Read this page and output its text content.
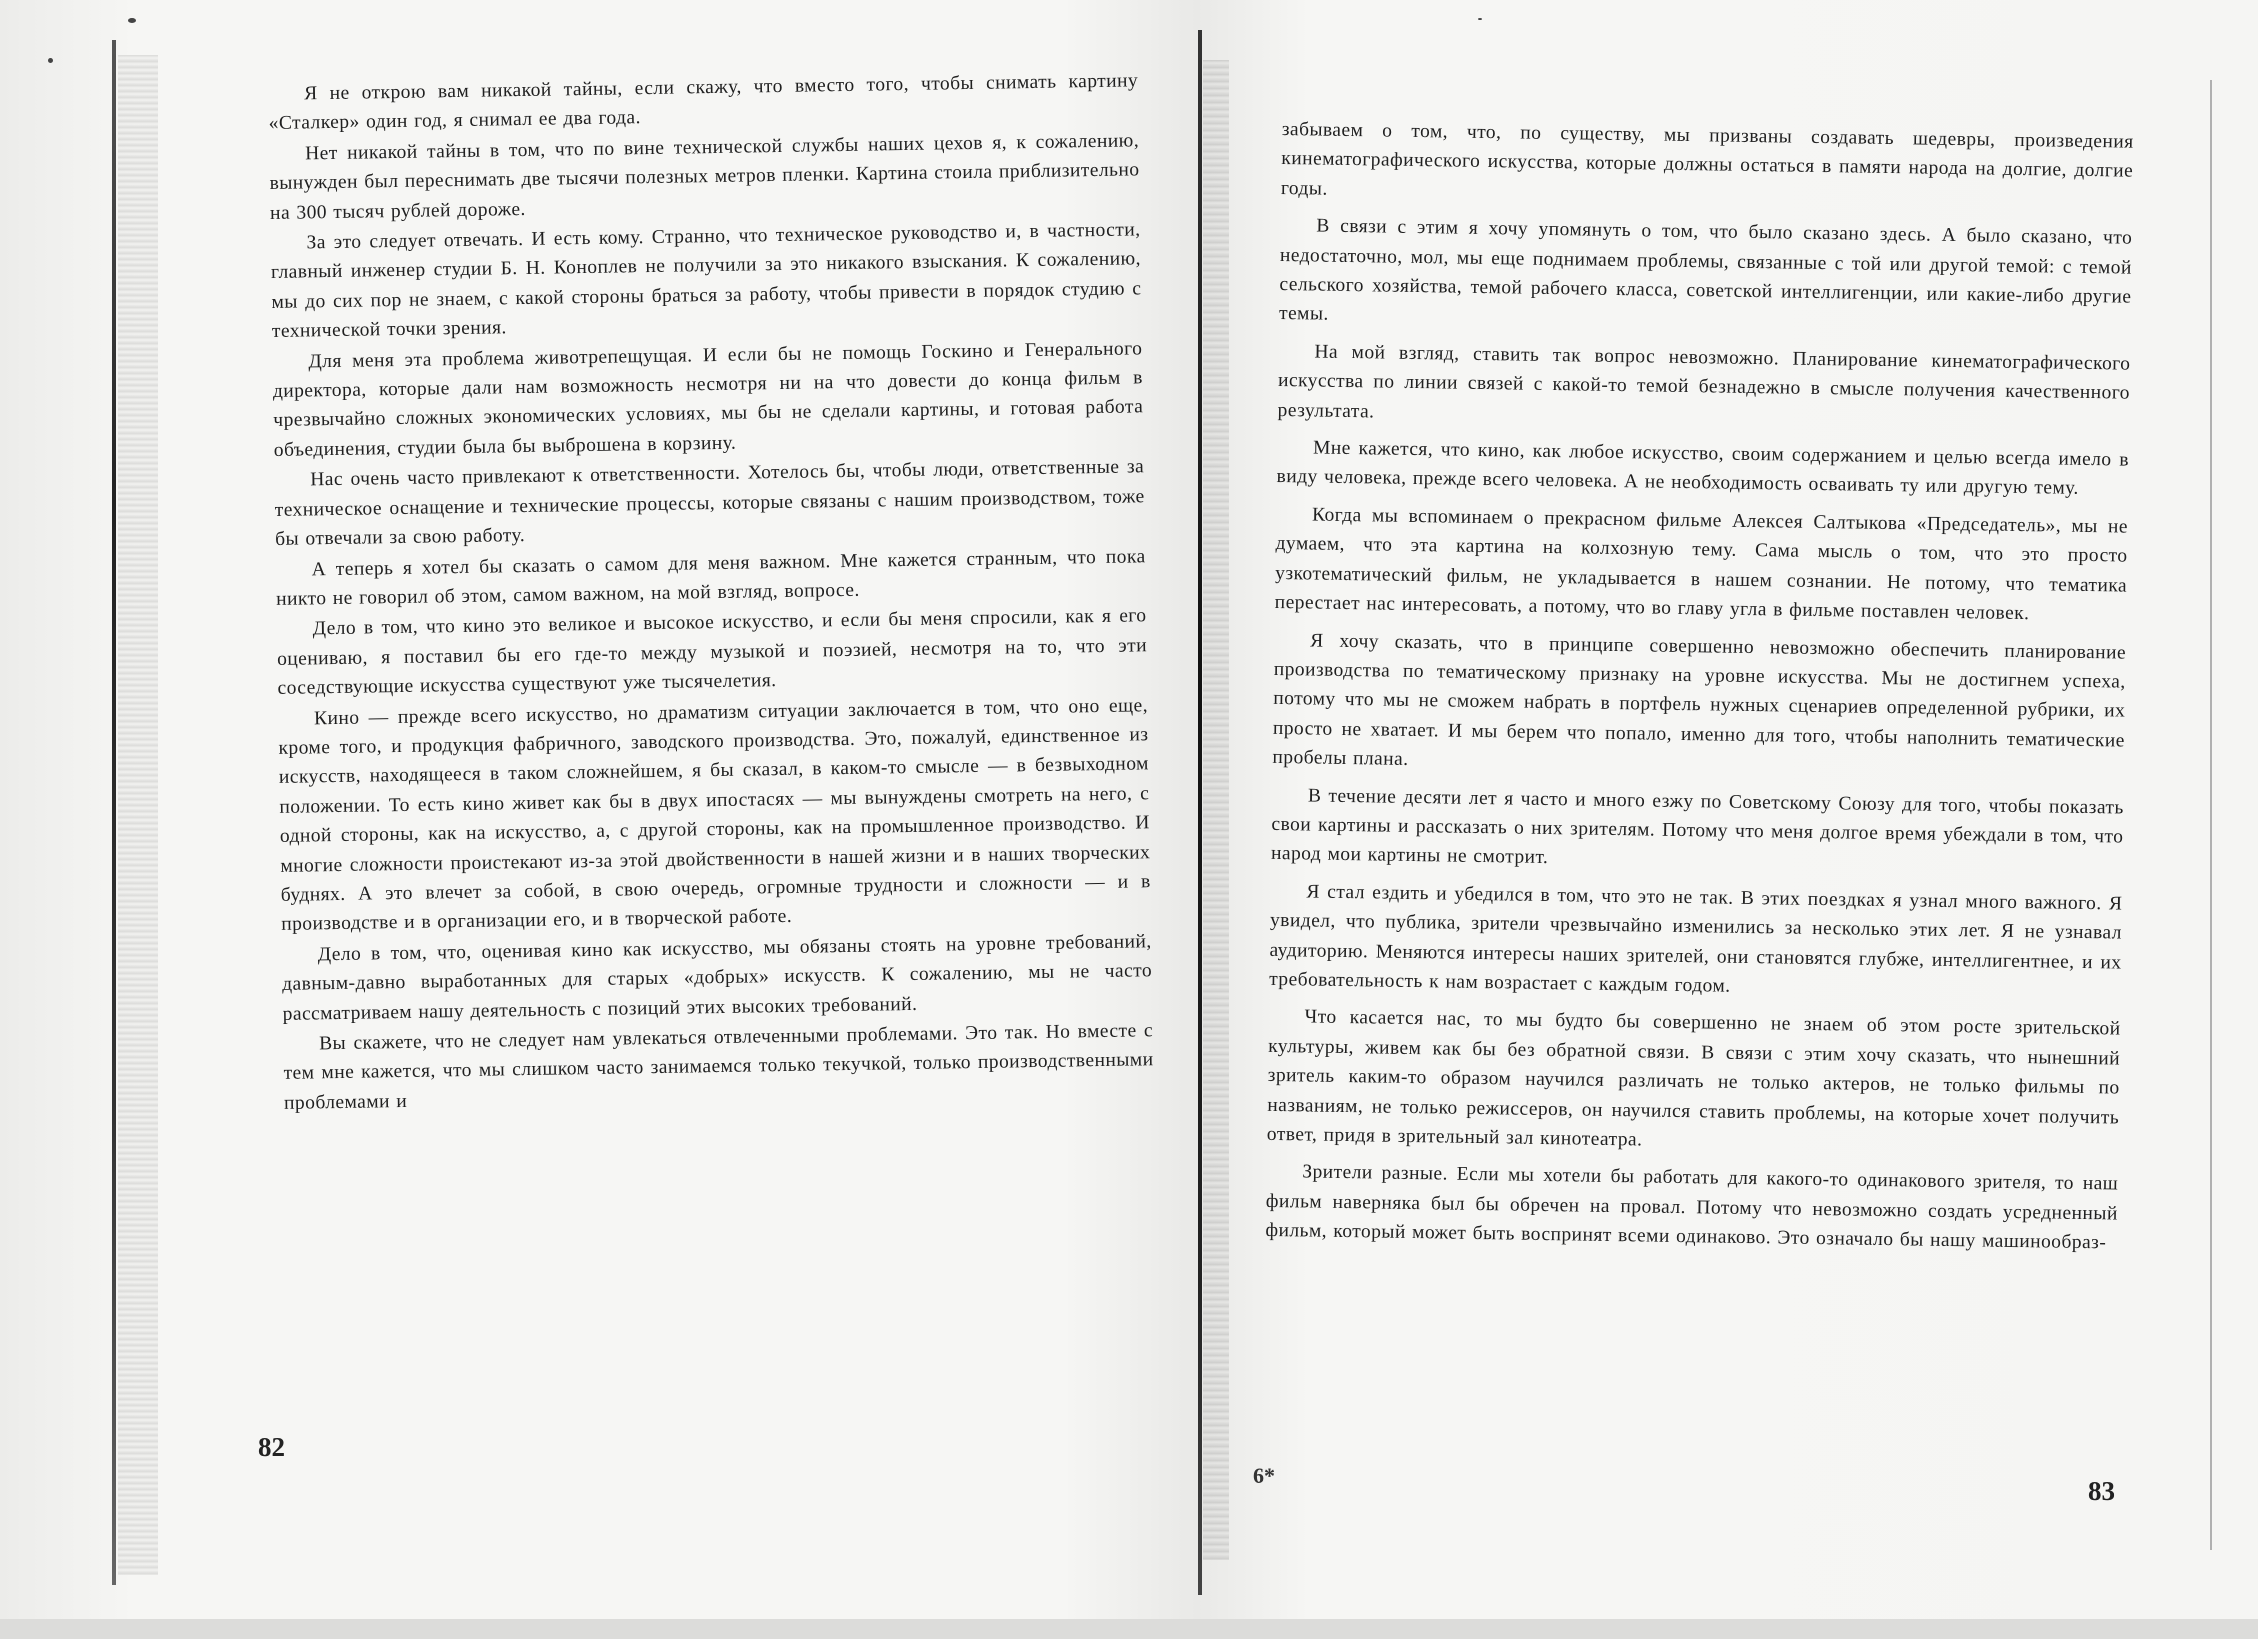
Я не открою вам никакой тайны, если скажу, что вместо того, чтобы снимать картину «Сталкер» один год, я снимал ее два года.

Нет никакой тайны в том, что по вине технической службы наших цехов я, к сожалению, вынужден был переснимать две тысячи полезных метров пленки. Картина стоила приблизительно на 300 тысяч рублей дороже.

За это следует отвечать. И есть кому. Странно, что техническое руководство и, в частности, главный инженер студии Б. Н. Коноплев не получили за это никакого взыскания. К сожалению, мы до сих пор не знаем, с какой стороны браться за работу, чтобы привести в порядок студию с технической точки зрения.

Для меня эта проблема животрепещущая. И если бы не помощь Госкино и Генерального директора, которые дали нам возможность несмотря ни на что довести до конца фильм в чрезвычайно сложных экономических условиях, мы бы не сделали картины, и готовая работа объединения, студии была бы выброшена в корзину.

Нас очень часто привлекают к ответственности. Хотелось бы, чтобы люди, ответственные за техническое оснащение и технические процессы, которые связаны с нашим производством, тоже бы отвечали за свою работу.

А теперь я хотел бы сказать о самом для меня важном. Мне кажется странным, что пока никто не говорил об этом, самом важном, на мой взгляд, вопросе.

Дело в том, что кино это великое и высокое искусство, и если бы меня спросили, как я его оцениваю, я поставил бы его где-то между музыкой и поэзией, несмотря на то, что эти соседствующие искусства существуют уже тысячелетия.

Кино — прежде всего искусство, но драматизм ситуации заключается в том, что оно еще, кроме того, и продукция фабричного, заводского производства. Это, пожалуй, единственное из искусств, находящееся в таком сложнейшем, я бы сказал, в каком-то смысле — в безвыходном положении. То есть кино живет как бы в двух ипостасях — мы вынуждены смотреть на него, с одной стороны, как на искусство, а, с другой стороны, как на промышленное производство. И многие сложности проистекают из-за этой двойственности в нашей жизни и в наших творческих буднях. А это влечет за собой, в свою очередь, огромные трудности и сложности — и в производстве и в организации его, и в творческой работе.

Дело в том, что, оценивая кино как искусство, мы обязаны стоять на уровне требований, давным-давно выработанных для старых «добрых» искусств. К сожалению, мы не часто рассматриваем нашу деятельность с позиций этих высоких требований.

Вы скажете, что не следует нам увлекаться отвлеченными проблемами. Это так. Но вместе с тем мне кажется, что мы слишком часто занимаемся только текучкой, только производственными проблемами и

82

забываем о том, что, по существу, мы призваны создавать шедевры, произведения кинематографического искусства, которые должны остаться в памяти народа на долгие, долгие годы.

В связи с этим я хочу упомянуть о том, что было сказано здесь. А было сказано, что недостаточно, мол, мы еще поднимаем проблемы, связанные с той или другой темой: с темой сельского хозяйства, темой рабочего класса, советской интеллигенции, или какие-либо другие темы.

На мой взгляд, ставить так вопрос невозможно. Планирование кинематографического искусства по линии связей с какой-то темой безнадежно в смысле получения качественного результата.

Мне кажется, что кино, как любое искусство, своим содержанием и целью всегда имело в виду человека, прежде всего человека. А не необходимость осваивать ту или другую тему.

Когда мы вспоминаем о прекрасном фильме Алексея Салтыкова «Председатель», мы не думаем, что эта картина на колхозную тему. Сама мысль о том, что это просто узкотематический фильм, не укладывается в нашем сознании. Не потому, что тематика перестает нас интересовать, а потому, что во главу угла в фильме поставлен человек.

Я хочу сказать, что в принципе совершенно невозможно обеспечить планирование производства по тематическому признаку на уровне искусства. Мы не достигнем успеха, потому что мы не сможем набрать в портфель нужных сценариев определенной рубрики, их просто не хватает. И мы берем что попало, именно для того, чтобы наполнить тематические пробелы плана.

В течение десяти лет я часто и много езжу по Советскому Союзу для того, чтобы показать свои картины и рассказать о них зрителям. Потому что меня долгое время убеждали в том, что народ мои картины не смотрит.

Я стал ездить и убедился в том, что это не так. В этих поездках я узнал много важного. Я увидел, что публика, зрители чрезвычайно изменились за несколько этих лет. Я не узнавал аудиторию. Меняются интересы наших зрителей, они становятся глубже, интеллигентнее, и их требовательность к нам возрастает с каждым годом.

Что касается нас, то мы будто бы совершенно не знаем об этом росте зрительской культуры, живем как бы без обратной связи. В связи с этим хочу сказать, что нынешний зритель каким-то образом научился различать не только актеров, не только фильмы по названиям, не только режиссеров, он научился ставить проблемы, на которые хочет получить ответ, придя в зрительный зал кинотеатра.

Зрители разные. Если мы хотели бы работать для какого-то одинакового зрителя, то наш фильм наверняка был бы обречен на провал. Потому что невозможно создать усредненный фильм, который может быть воспринят всеми одинаково. Это означало бы нашу машинообраз-

6*
83
